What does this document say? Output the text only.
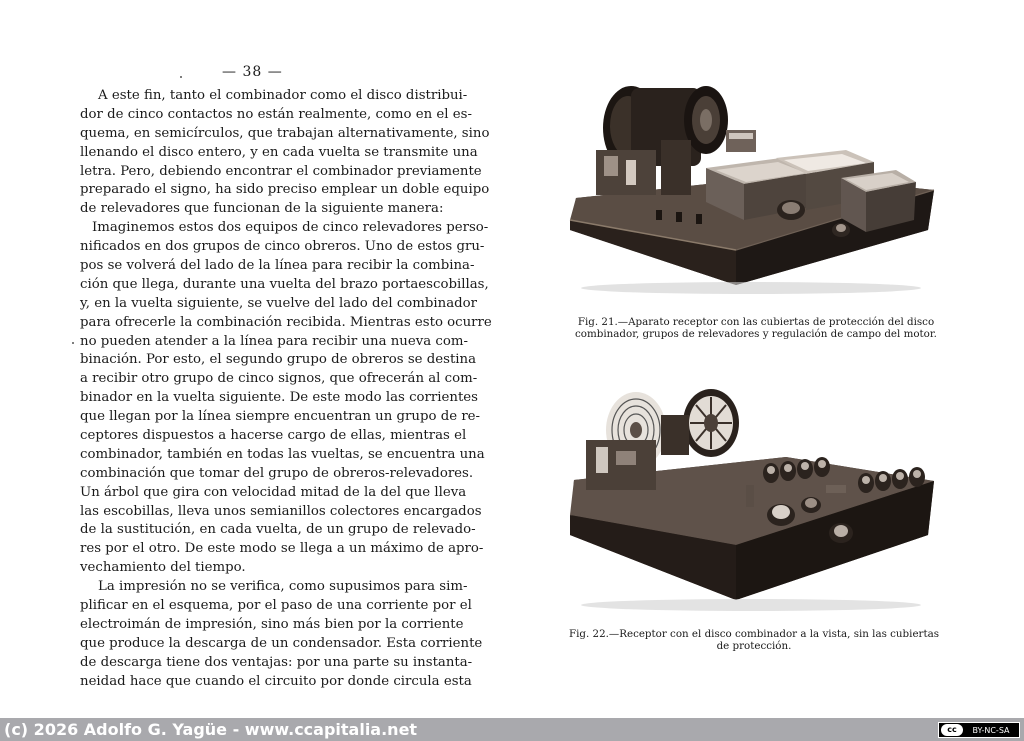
— 38 —
A este fin, tanto el combinador como el disco distribui-
dor de cinco contactos no están realmente, como en el es-
quema, en semicírculos, que trabajan alternativamente, sino
llenando el disco entero, y en cada vuelta se transmite una
letra. Pero, debiendo encontrar el combinador previamente
preparado el signo, ha sido preciso emplear un doble equipo
de relevadores que funcionan de la siguiente manera:
Imaginemos estos dos equipos de cinco relevadores perso-
nificados en dos grupos de cinco obreros. Uno de estos gru-
pos se volverá del lado de la línea para recibir la combina-
ción que llega, durante una vuelta del brazo portaescobillas,
y, en la vuelta siguiente, se vuelve del lado del combinador
para ofrecerle la combinación recibida. Mientras esto ocurre
no pueden atender a la línea para recibir una nueva com-
binación. Por esto, el segundo grupo de obreros se destina
a recibir otro grupo de cinco signos, que ofrecerán al com-
binador en la vuelta siguiente. De este modo las corrientes
que llegan por la línea siempre encuentran un grupo de re-
ceptores dispuestos a hacerse cargo de ellas, mientras el
combinador, también en todas las vueltas, se encuentra una
combinación que tomar del grupo de obreros-relevadores.
Un árbol que gira con velocidad mitad de la del que lleva
las escobillas, lleva unos semianillos colectores encargados
de la sustitución, en cada vuelta, de un grupo de relevado-
res por el otro. De este modo se llega a un máximo de apro-
vechamiento del tiempo.
La impresión no se verifica, como supusimos para sim-
plificar en el esquema, por el paso de una corriente por el
electroimán de impresión, sino más bien por la corriente
que produce la descarga de un condensador. Esta corriente
de descarga tiene dos ventajas: por una parte su instanta-
neidad hace que cuando el circuito por donde circula esta
Fig. 21.—Aparato receptor con las cubiertas de protección del disco
combinador, grupos de relevadores y regulación de campo del motor.
Fig. 22.—Receptor con el disco combinador a la vista, sin las cubiertas
de protección.
(c) 2026 Adolfo G. Yagüe - www.ccapitalia.net	cc	BY-NC-SA
